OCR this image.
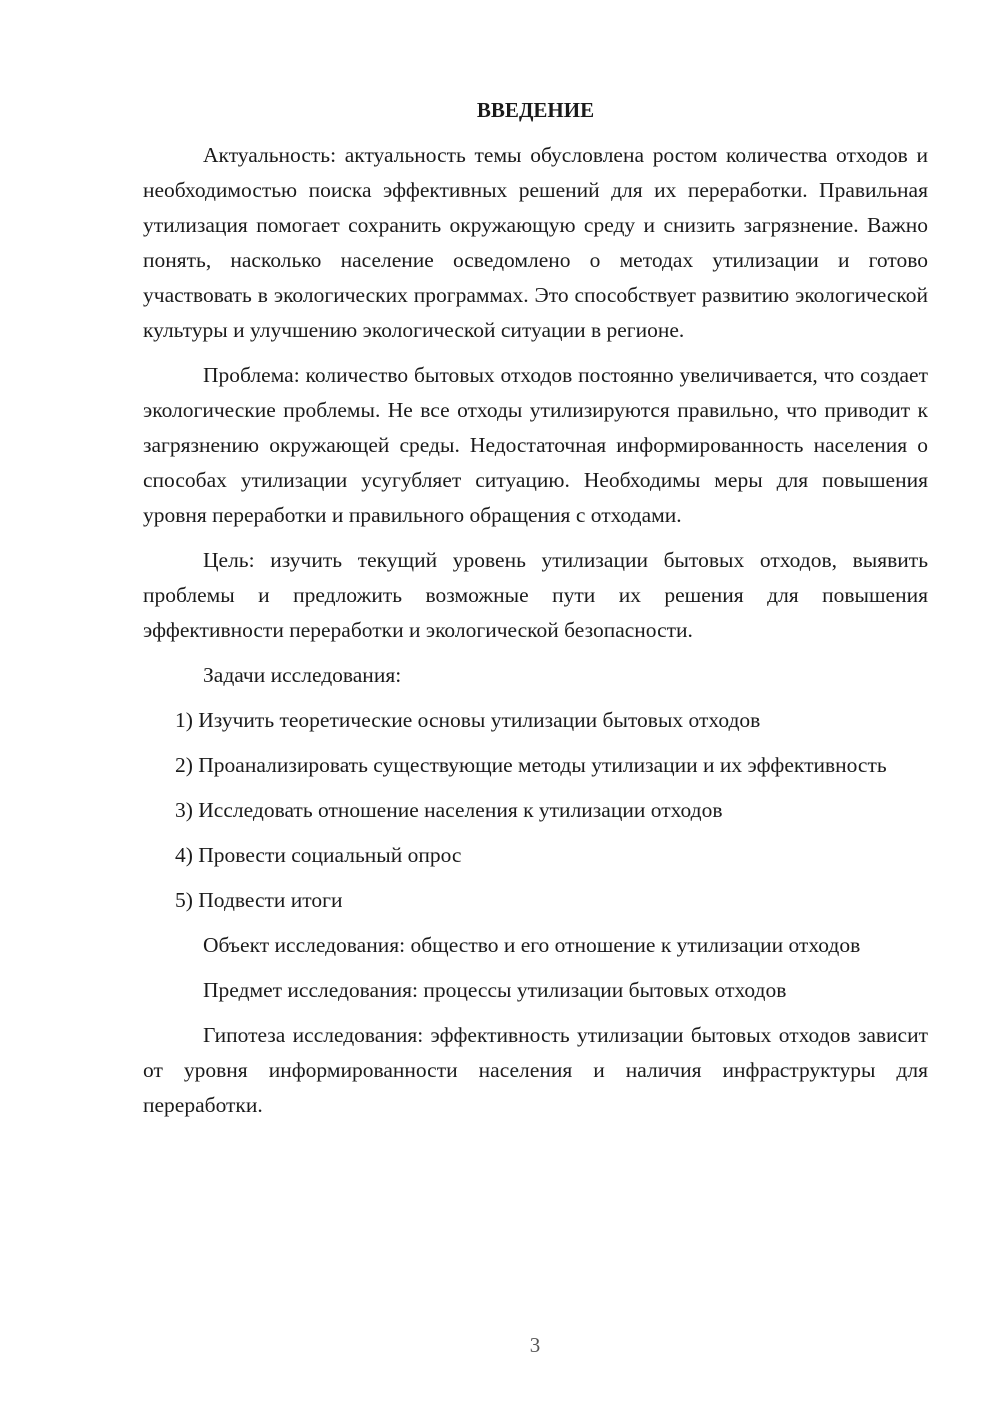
ВВЕДЕНИЕ

Актуальность: актуальность темы обусловлена ростом количества отходов и необходимостью поиска эффективных решений для их переработки. Правильная утилизация помогает сохранить окружающую среду и снизить загрязнение. Важно понять, насколько население осведомлено о методах утилизации и готово участвовать в экологических программах. Это способствует развитию экологической культуры и улучшению экологической ситуации в регионе.

Проблема: количество бытовых отходов постоянно увеличивается, что создает экологические проблемы. Не все отходы утилизируются правильно, что приводит к загрязнению окружающей среды. Недостаточная информированность населения о способах утилизации усугубляет ситуацию. Необходимы меры для повышения уровня переработки и правильного обращения с отходами.

Цель: изучить текущий уровень утилизации бытовых отходов, выявить проблемы и предложить возможные пути их решения для повышения эффективности переработки и экологической безопасности.

Задачи исследования:

1) Изучить теоретические основы утилизации бытовых отходов

2) Проанализировать существующие методы утилизации и их эффективность

3) Исследовать отношение населения к утилизации отходов

4) Провести социальный опрос

5) Подвести итоги

Объект исследования: общество и его отношение к утилизации отходов

Предмет исследования: процессы утилизации бытовых отходов

Гипотеза исследования: эффективность утилизации бытовых отходов зависит от уровня информированности населения и наличия инфраструктуры для переработки.

3
